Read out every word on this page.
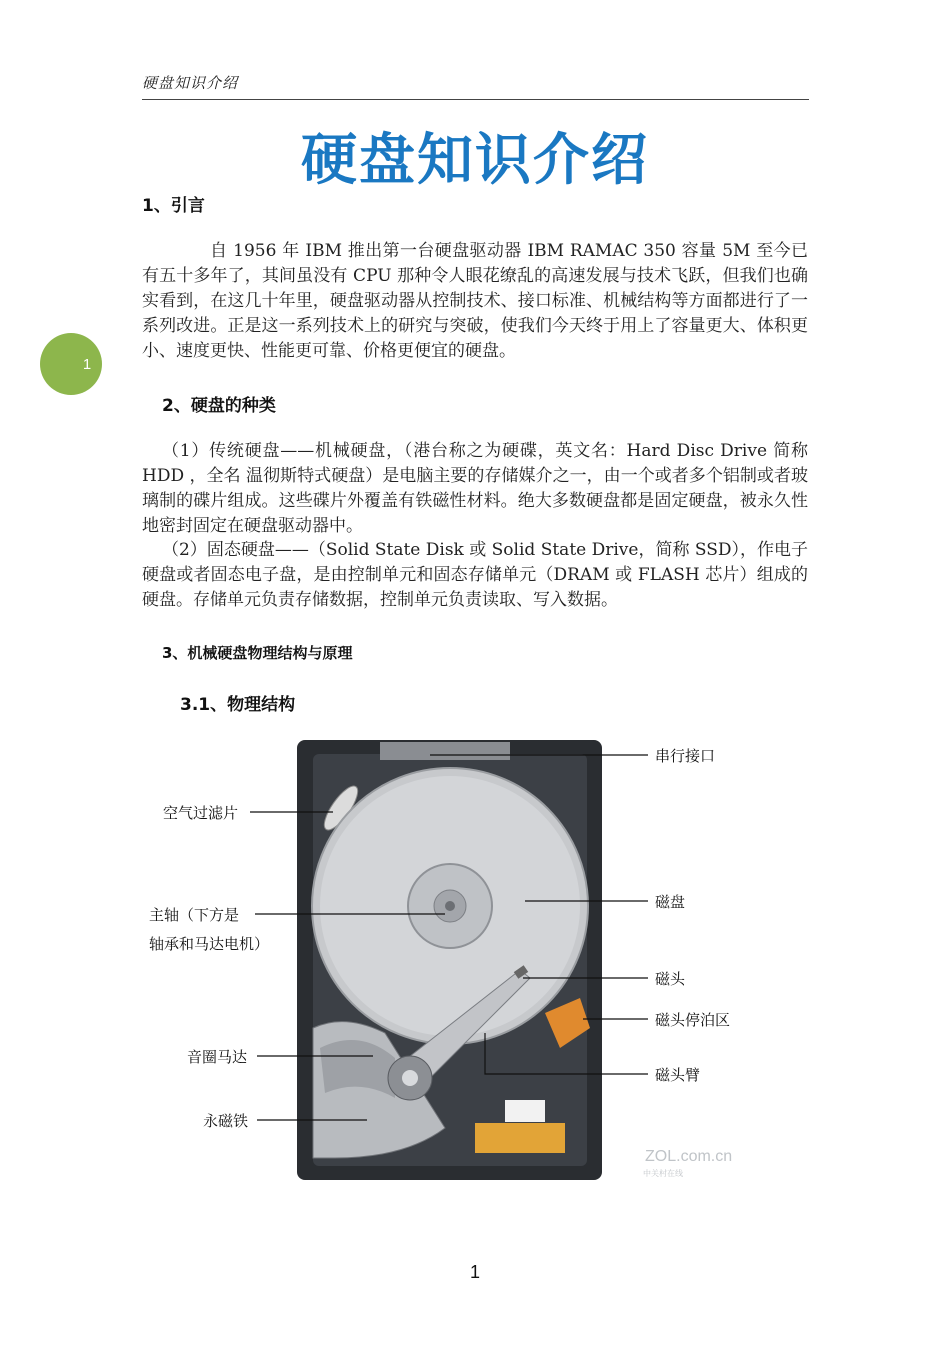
硬盘知识介绍
硬盘知识介绍
1
1、引言
自 1956 年 IBM 推出第一台硬盘驱动器 IBM RAMAC 350 容量 5M 至今已有五十多年了，其间虽没有 CPU 那种令人眼花缭乱的高速发展与技术飞跃，但我们也确实看到，在这几十年里，硬盘驱动器从控制技术、接口标准、机械结构等方面都进行了一系列改进。正是这一系列技术上的研究与突破，使我们今天终于用上了容量更大、体积更小、速度更快、性能更可靠、价格更便宜的硬盘。
2、硬盘的种类
（1）传统硬盘——机械硬盘，（港台称之为硬碟，英文名：Hard Disc Drive 简称 HDD ，全名 温彻斯特式硬盘）是电脑主要的存储媒介之一，由一个或者多个铝制或者玻璃制的碟片组成。这些碟片外覆盖有铁磁性材料。绝大多数硬盘都是固定硬盘，被永久性地密封固定在硬盘驱动器中。
（2）固态硬盘——（Solid State Disk 或 Solid State Drive，简称 SSD），作电子硬盘或者固态电子盘，是由控制单元和固态存储单元（DRAM 或 FLASH 芯片）组成的硬盘。存储单元负责存储数据，控制单元负责读取、写入数据。
3、机械硬盘物理结构与原理
3.1、物理结构
ZOL.com.cn
中关村在线
串行接口
空气过滤片
主轴（下方是
轴承和马达电机）
磁盘
磁头
磁头停泊区
音圈马达
磁头臂
永磁铁
1
